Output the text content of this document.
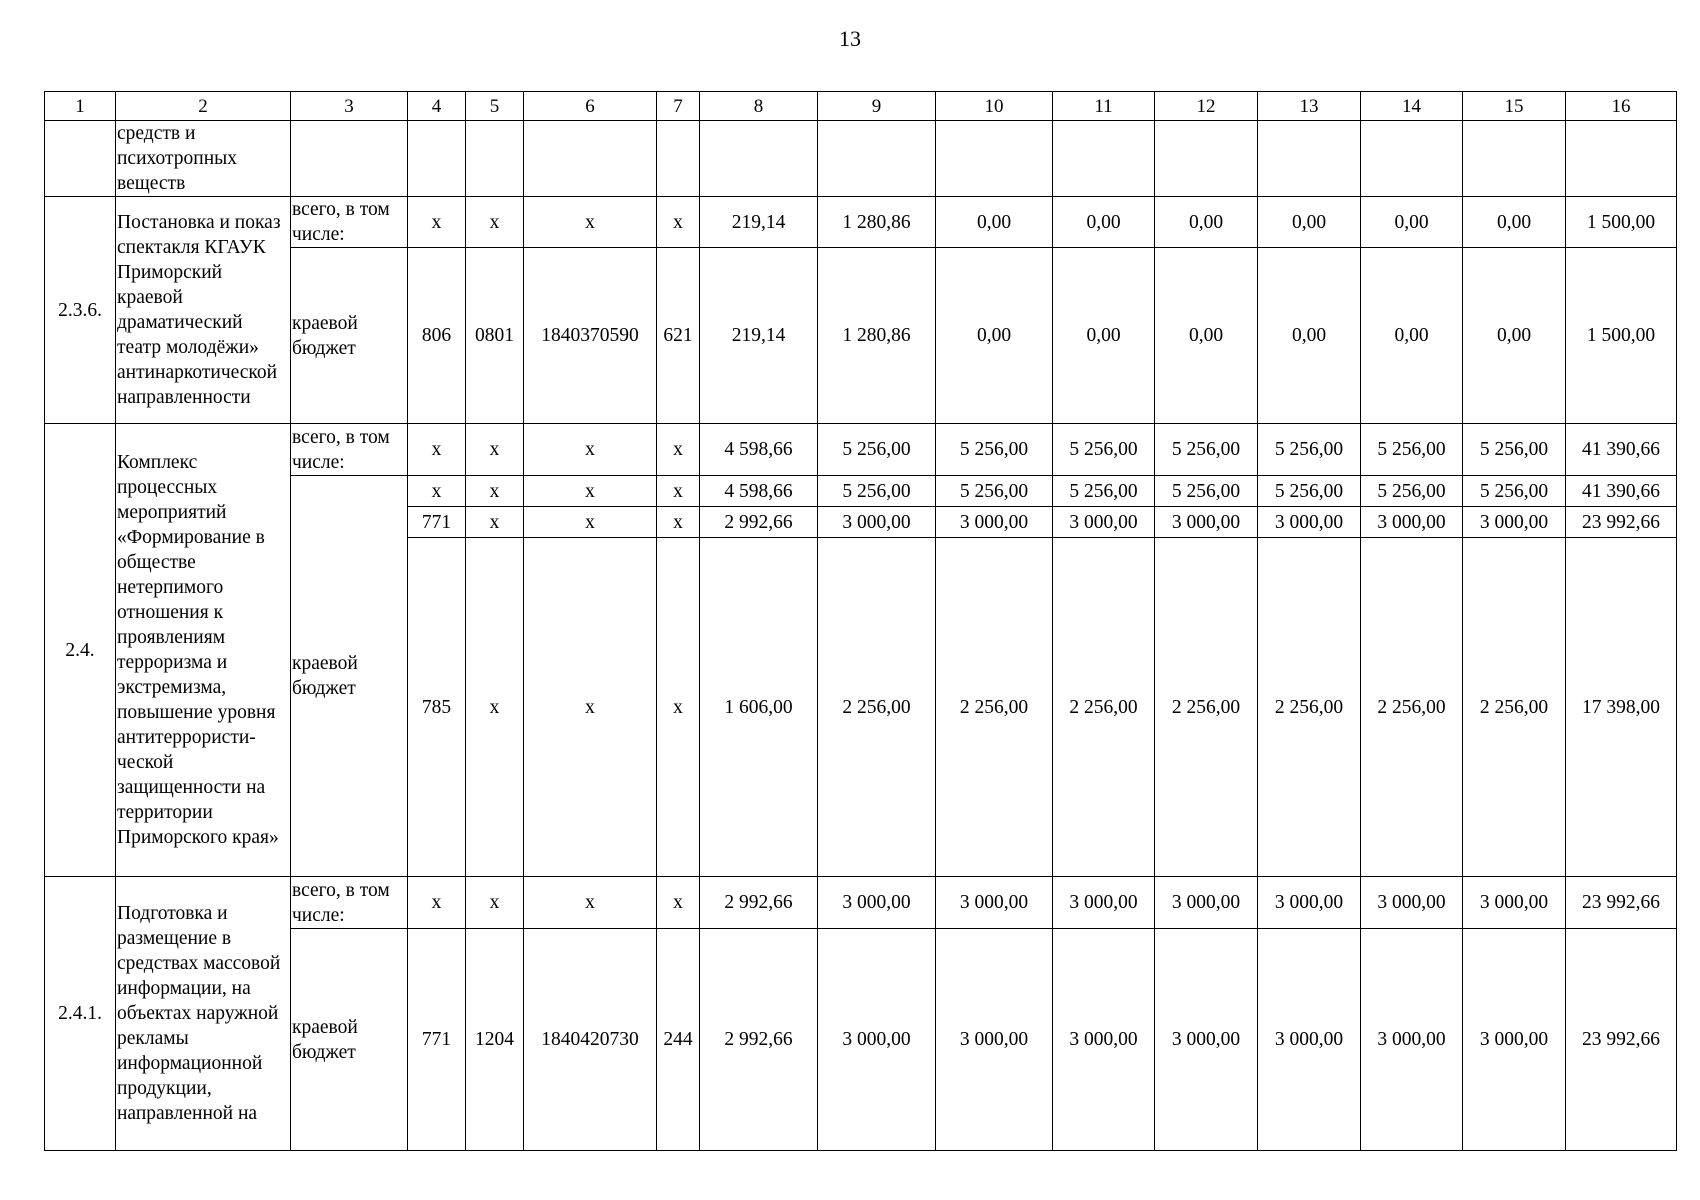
13
1	2	3	4	5	6	7	8	9	10	11	12	13	14	15	16
	средств и психотропных веществ														
2.3.6.	Постановка и показ спектакля КГАУК Приморский краевой драматический театр молодёжи» антинаркотической направленности	всего, в том числе:	x	x	x	x	219,14	1 280,86	0,00	0,00	0,00	0,00	0,00	0,00	1 500,00
		краевой бюджет	806	0801	1840370590	621	219,14	1 280,86	0,00	0,00	0,00	0,00	0,00	0,00	1 500,00
2.4.	Комплекс процессных мероприятий «Формирование в обществе нетерпимого отношения к проявлениям терроризма и экстремизма, повышение уровня антитеррористи-ческой защищенности на территории Приморского края»	всего, в том числе:	x	x	x	x	4 598,66	5 256,00	5 256,00	5 256,00	5 256,00	5 256,00	5 256,00	5 256,00	41 390,66
		краевой бюджет	x	x	x	x	4 598,66	5 256,00	5 256,00	5 256,00	5 256,00	5 256,00	5 256,00	5 256,00	41 390,66
			771	x	x	x	2 992,66	3 000,00	3 000,00	3 000,00	3 000,00	3 000,00	3 000,00	3 000,00	23 992,66
			785	x	x	x	1 606,00	2 256,00	2 256,00	2 256,00	2 256,00	2 256,00	2 256,00	2 256,00	17 398,00
2.4.1.	Подготовка и размещение в средствах массовой информации, на объектах наружной рекламы информационной продукции, направленной на	всего, в том числе:	x	x	x	x	2 992,66	3 000,00	3 000,00	3 000,00	3 000,00	3 000,00	3 000,00	3 000,00	23 992,66
		краевой бюджет	771	1204	1840420730	244	2 992,66	3 000,00	3 000,00	3 000,00	3 000,00	3 000,00	3 000,00	3 000,00	23 992,66
